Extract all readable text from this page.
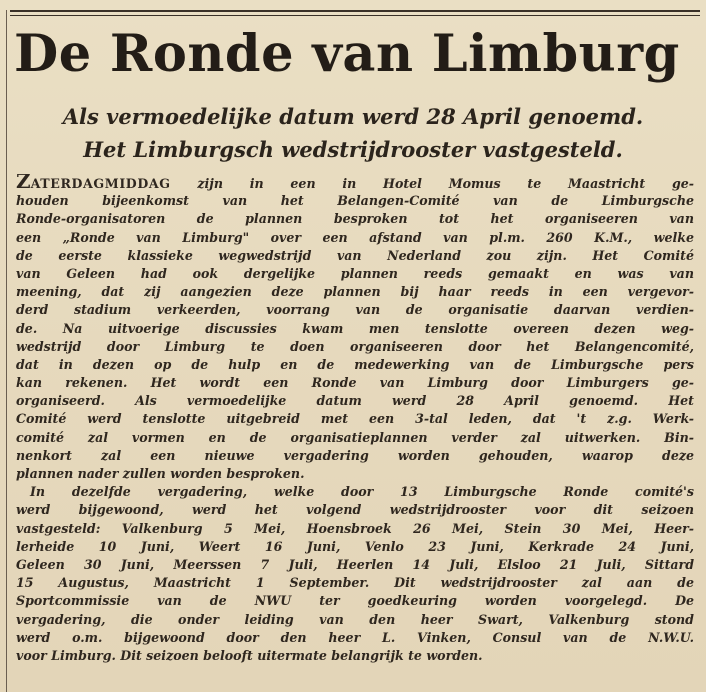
De Ronde van Limburg

Als vermoedelijke datum werd 28 April genoemd.

Het Limburgsch wedstrijdrooster vastgesteld.

ZATERDAGMIDDAG zijn in een in Hotel Momus te Maastricht ge-
houden bijeenkomst van het Belangen-Comité van de Limburgsche
Ronde-organisatoren de plannen besproken tot het organiseeren van
een „Ronde van Limburg" over een afstand van pl.m. 260 K.M., welke
de eerste klassieke wegwedstrijd van Nederland zou zijn. Het Comité
van Geleen had ook dergelijke plannen reeds gemaakt en was van
meening, dat zij aangezien deze plannen bij haar reeds in een vergevor-
derd stadium verkeerden, voorrang van de organisatie daarvan verdien-
de. Na uitvoerige discussies kwam men tenslotte overeen dezen weg-
wedstrijd door Limburg te doen organiseeren door het Belangencomité,
dat in dezen op de hulp en de medewerking van de Limburgsche pers
kan rekenen. Het wordt een Ronde van Limburg door Limburgers ge-
organiseerd. Als vermoedelijke datum werd 28 April genoemd. Het
Comité werd tenslotte uitgebreid met een 3-tal leden, dat 't z.g. Werk-
comité zal vormen en de organisatieplannen verder zal uitwerken. Bin-
nenkort zal een nieuwe vergadering worden gehouden, waarop deze
plannen nader zullen worden besproken.
In dezelfde vergadering, welke door 13 Limburgsche Ronde comité's
werd bijgewoond, werd het volgend wedstrijdrooster voor dit seizoen
vastgesteld: Valkenburg 5 Mei, Hoensbroek 26 Mei, Stein 30 Mei, Heer-
lerheide 10 Juni, Weert 16 Juni, Venlo 23 Juni, Kerkrade 24 Juni,
Geleen 30 Juni, Meerssen 7 Juli, Heerlen 14 Juli, Elsloo 21 Juli, Sittard
15 Augustus, Maastricht 1 September. Dit wedstrijdrooster zal aan de
Sportcommissie van de NWU ter goedkeuring worden voorgelegd. De
vergadering, die onder leiding van den heer Swart, Valkenburg stond
werd o.m. bijgewoond door den heer L. Vinken, Consul van de N.W.U.
voor Limburg. Dit seizoen belooft uitermate belangrijk te worden.
